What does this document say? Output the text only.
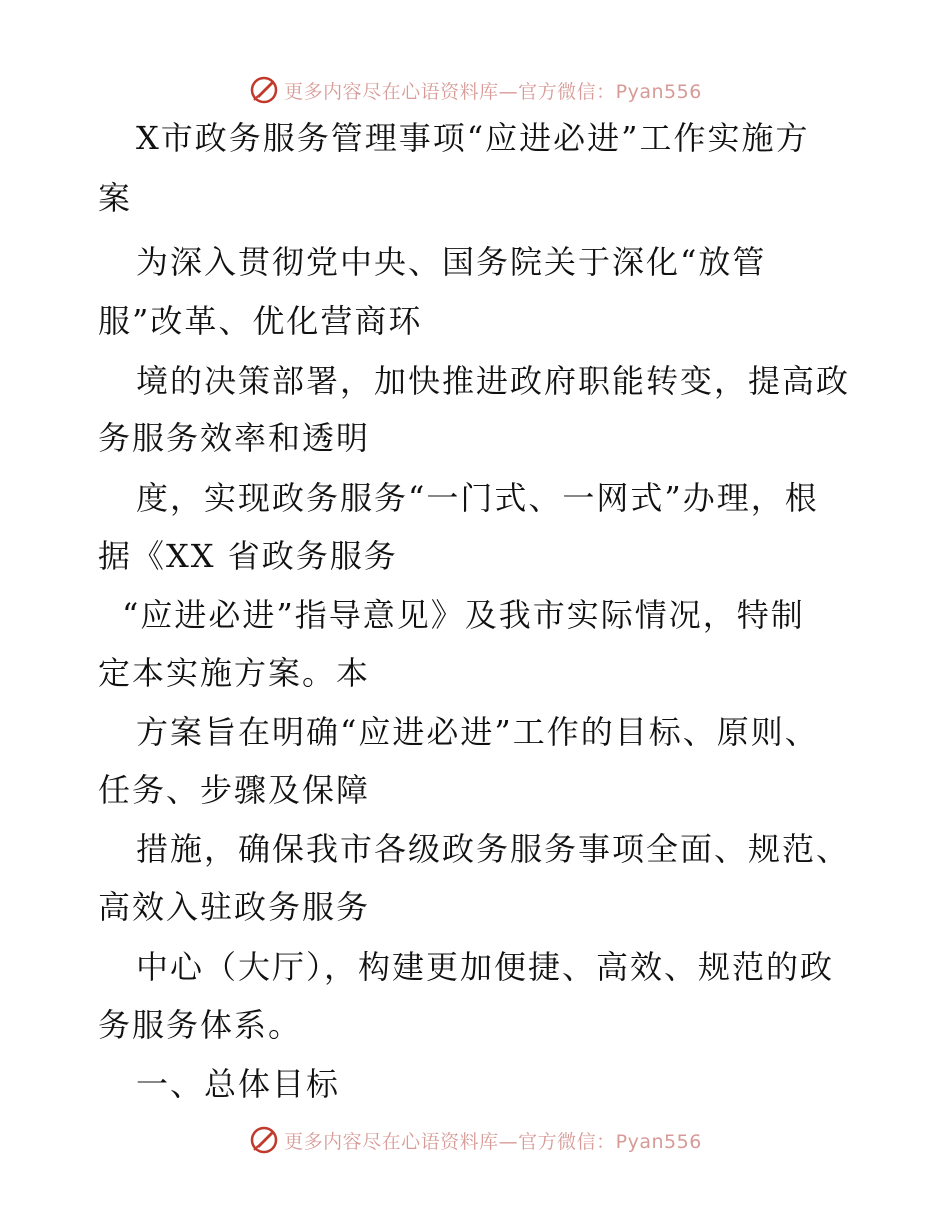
更多内容尽在心语资料库—官方微信：Pyan556
X市政务服务管理事项“应进必进”工作实施方
案
为深入贯彻党中央、国务院关于深化“放管
服”改革、优化营商环
境的决策部署，加快推进政府职能转变，提高政
务服务效率和透明
度，实现政务服务“一门式、一网式”办理，根
据《XX 省政务服务
“应进必进”指导意见》及我市实际情况，特制
定本实施方案。本
方案旨在明确“应进必进”工作的目标、原则、
任务、步骤及保障
措施，确保我市各级政务服务事项全面、规范、
高效入驻政务服务
中心（大厅），构建更加便捷、高效、规范的政
务服务体系。
一、总体目标
更多内容尽在心语资料库—官方微信：Pyan556
